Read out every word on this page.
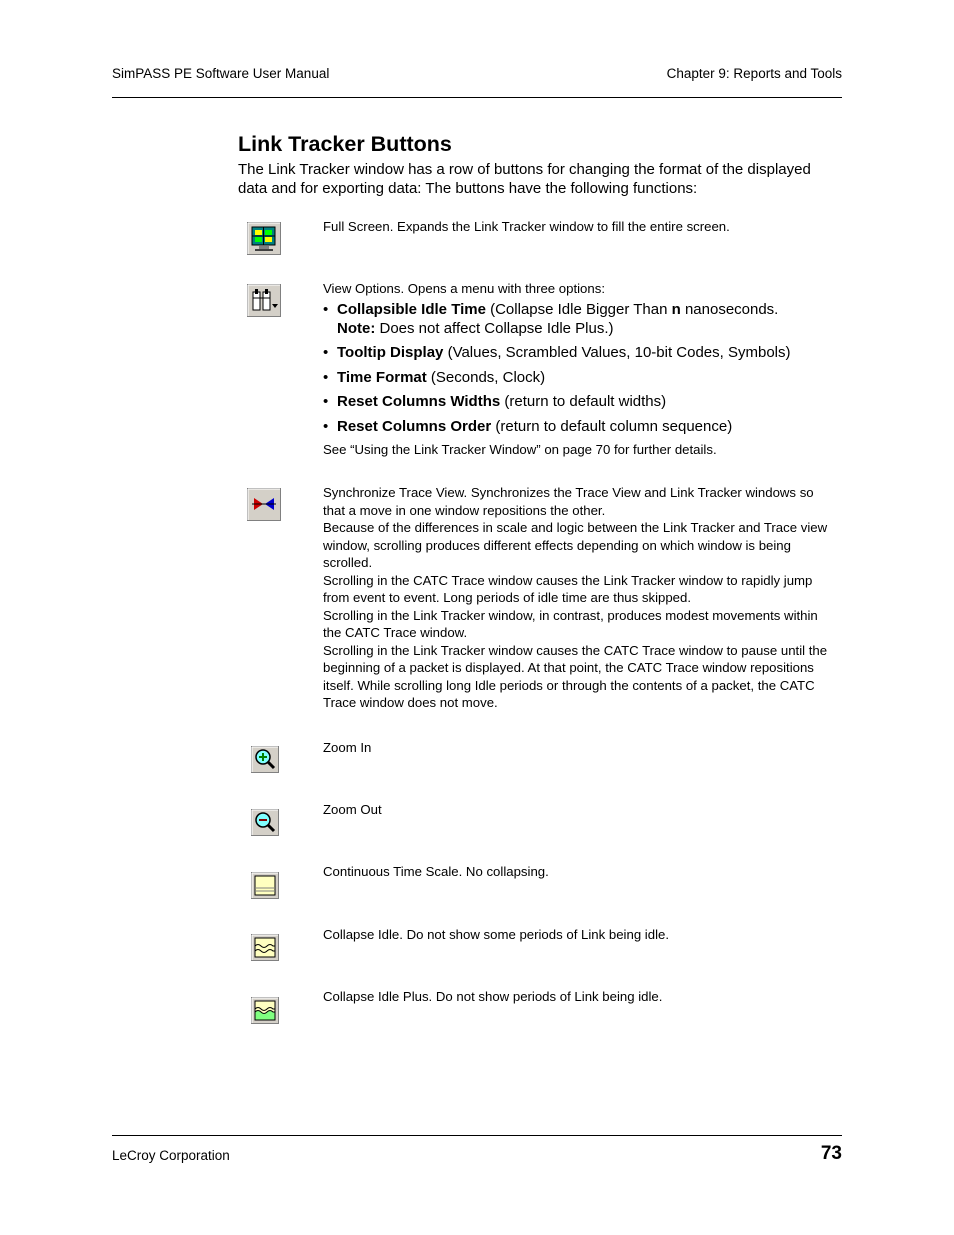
SimPASS PE Software User Manual	Chapter 9: Reports and Tools
Link Tracker Buttons
The Link Tracker window has a row of buttons for changing the format of the displayed data and for exporting data: The buttons have the following functions:
Full Screen. Expands the Link Tracker window to fill the entire screen.

View Options. Opens a menu with three options:

• Collapsible Idle Time (Collapse Idle Bigger Than n nanoseconds.
Note: Does not affect Collapse Idle Plus.)
• Tooltip Display (Values, Scrambled Values, 10-bit Codes, Symbols)
• Time Format (Seconds, Clock)
• Reset Columns Widths (return to default widths)
• Reset Columns Order (return to default column sequence)

See “Using the Link Tracker Window” on page 70 for further details.

Synchronize Trace View. Synchronizes the Trace View and Link Tracker windows so that a move in one window repositions the other.

Because of the differences in scale and logic between the Link Tracker and Trace view window, scrolling produces different effects depending on which window is being scrolled.

Scrolling in the CATC Trace window causes the Link Tracker window to rapidly jump from event to event. Long periods of idle time are thus skipped.

Scrolling in the Link Tracker window, in contrast, produces modest movements within the CATC Trace window.

Scrolling in the Link Tracker window causes the CATC Trace window to pause until the beginning of a packet is displayed. At that point, the CATC Trace window repositions itself. While scrolling long Idle periods or through the contents of a packet, the CATC Trace window does not move.

Zoom In
Zoom Out
Continuous Time Scale. No collapsing.
Collapse Idle. Do not show some periods of Link being idle.
Collapse Idle Plus. Do not show periods of Link being idle.
LeCroy Corporation	73
